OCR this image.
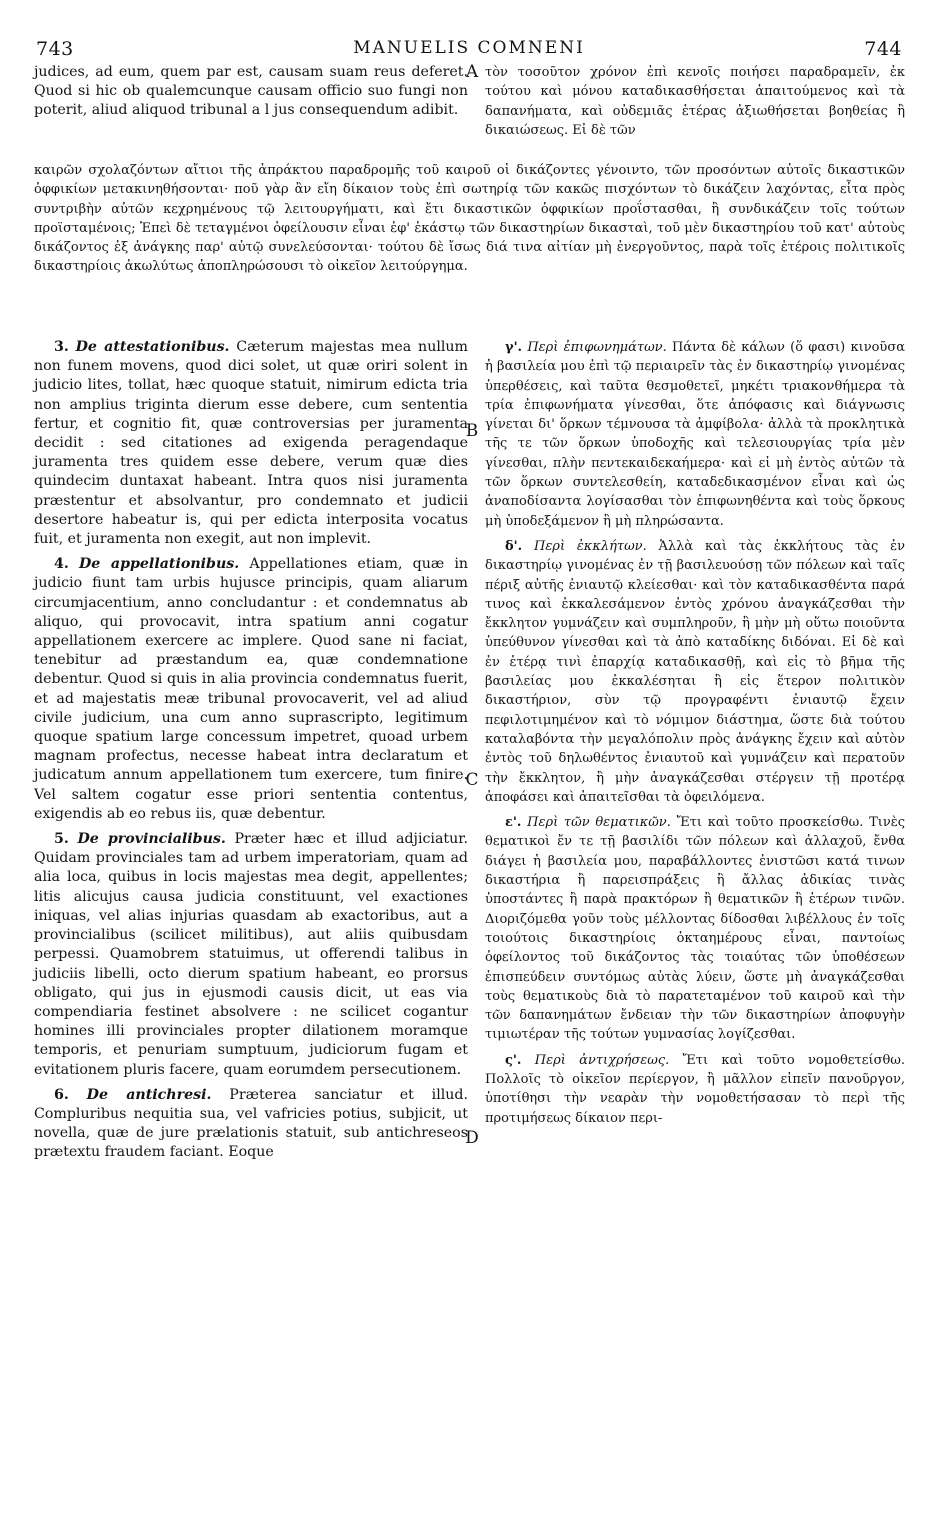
743	MANUELIS COMNENI	744
A
B
C
D

judices, ad eum, quem par est, causam suam reus deferet. Quod si hic ob qualemcunque causam officio suo fungi non poterit, aliud aliquod tribunal a l jus consequendum adibit.

τὸν τοσοῦτον χρόνον ἐπὶ κενοῖς ποιήσει παραδραμεῖν, ἐκ τούτου καὶ μόνου καταδικασθήσεται ἀπαιτούμενος καὶ τὰ δαπανήματα, καὶ οὐδεμιᾶς ἑτέρας ἀξιωθήσεται βοηθείας ἢ δικαιώσεως. Εἰ δὲ τῶν

καιρῶν σχολαζόντων αἴτιοι τῆς ἀπράκτου παραδρομῆς τοῦ καιροῦ οἱ δικάζοντες γένοιντο, τῶν προσόντων αὐτοῖς δικαστικῶν ὀφφικίων μετακινηθήσονται· ποῦ γὰρ ἂν εἴη δίκαιον τοὺς ἐπὶ σωτηρίᾳ τῶν κακῶς πισχόντων τὸ δικάζειν λαχόντας, εἶτα πρὸς συντριβὴν αὐτῶν κεχρημένους τῷ λειτουργήματι, καὶ ἔτι δικαστικῶν ὀφφικίων προΐστασθαι, ἢ συνδικάζειν τοῖς τούτων προϊσταμένοις; Ἐπεὶ δὲ τεταγμένοι ὀφείλουσιν εἶναι ἐφ' ἑκάστῳ τῶν δικαστηρίων δικασταὶ, τοῦ μὲν δικαστηρίου τοῦ κατ' αὐτοὺς δικάζοντος ἐξ ἀνάγκης παρ' αὐτῷ συνελεύσονται· τούτου δὲ ἴσως διά τινα αἰτίαν μὴ ἐνεργοῦντος, παρὰ τοῖς ἑτέροις πολιτικοῖς δικαστηρίοις ἀκωλύτως ἀποπληρώσουσι τὸ οἰκεῖον λειτούργημα.

3. De attestationibus. Cæterum majestas mea nullum non funem movens, quod dici solet, ut quæ oriri solent in judicio lites, tollat, hæc quoque statuit, nimirum edicta tria non amplius triginta dierum esse debere, cum sententia fertur, et cognitio fit, quæ controversias per juramenta decidit : sed citationes ad exigenda peragendaque juramenta tres quidem esse debere, verum quæ dies quindecim duntaxat habeant. Intra quos nisi juramenta præstentur et absolvantur, pro condemnato et judicii desertore habeatur is, qui per edicta interposita vocatus fuit, et juramenta non exegit, aut non implevit.

4. De appellationibus. Appellationes etiam, quæ in judicio fiunt tam urbis hujusce principis, quam aliarum circumjacentium, anno concludantur : et condemnatus ab aliquo, qui provocavit, intra spatium anni cogatur appellationem exercere ac implere. Quod sane ni faciat, tenebitur ad præstandum ea, quæ condemnatione debentur. Quod si quis in alia provincia condemnatus fuerit, et ad majestatis meæ tribunal provocaverit, vel ad aliud civile judicium, una cum anno suprascripto, legitimum quoque spatium large concessum impetret, quoad urbem magnam profectus, necesse habeat intra declaratum et judicatum annum appellationem tum exercere, tum finire. Vel saltem cogatur esse priori sententia contentus, exigendis ab eo rebus iis, quæ debentur.

5. De provincialibus. Præter hæc et illud adjiciatur. Quidam provinciales tam ad urbem imperatoriam, quam ad alia loca, quibus in locis majestas mea degit, appellentes; litis alicujus causa judicia constituunt, vel exactiones iniquas, vel alias injurias quasdam ab exactoribus, aut a provincialibus (scilicet militibus), aut aliis quibusdam perpessi. Quamobrem statuimus, ut offerendi talibus in judiciis libelli, octo dierum spatium habeant, eo prorsus obligato, qui jus in ejusmodi causis dicit, ut eas via compendiaria festinet absolvere : ne scilicet cogantur homines illi provinciales propter dilationem moramque temporis, et penuriam sumptuum, judiciorum fugam et evitationem pluris facere, quam eorumdem persecutionem.

6. De antichresi. Præterea sanciatur et illud. Compluribus nequitia sua, vel vafricies potius, subjicit, ut novella, quæ de jure prælationis statuit, sub antichreseos prætextu fraudem faciant. Eoque

γ'. Περὶ ἐπιφωνημάτων. Πάντα δὲ κάλων (ὅ φασι) κινοῦσα ἡ βασιλεία μου ἐπὶ τῷ περιαιρεῖν τὰς ἐν δικαστηρίῳ γινομένας ὑπερθέσεις, καὶ ταῦτα θεσμοθετεῖ, μηκέτι τριακονθήμερα τὰ τρία ἐπιφωνήματα γίνεσθαι, ὅτε ἀπόφασις καὶ διάγνωσις γίνεται δι' ὅρκων τέμνουσα τὰ ἀμφίβολα· ἀλλὰ τὰ προκλητικὰ τῆς τε τῶν ὅρκων ὑποδοχῆς καὶ τελεσιουργίας τρία μὲν γίνεσθαι, πλὴν πεντεκαιδεκαήμερα· καὶ εἰ μὴ ἐντὸς αὐτῶν τὰ τῶν ὅρκων συντελεσθείη, καταδεδικασμένον εἶναι καὶ ὡς ἀναποδίσαντα λογίσασθαι τὸν ἐπιφωνηθέντα καὶ τοὺς ὅρκους μὴ ὑποδεξάμενον ἢ μὴ πληρώσαντα.

δ'. Περὶ ἐκκλήτων. Ἀλλὰ καὶ τὰς ἐκκλήτους τὰς ἐν δικαστηρίῳ γινομένας ἐν τῇ βασιλευούσῃ τῶν πόλεων καὶ ταῖς πέριξ αὐτῆς ἐνιαυτῷ κλείεσθαι· καὶ τὸν καταδικασθέντα παρά τινος καὶ ἐκκαλεσάμενον ἐντὸς χρόνου ἀναγκάζεσθαι τὴν ἔκκλητον γυμνάζειν καὶ συμπληροῦν, ἢ μὴν μὴ οὕτω ποιοῦντα ὑπεύθυνον γίνεσθαι καὶ τὰ ἀπὸ καταδίκης διδόναι. Εἰ δὲ καὶ ἐν ἑτέρᾳ τινὶ ἐπαρχίᾳ καταδικασθῇ, καὶ εἰς τὸ βῆμα τῆς βασιλείας μου ἐκκαλέσηται ἢ εἰς ἕτερον πολιτικὸν δικαστήριον, σὺν τῷ προγραφέντι ἐνιαυτῷ ἔχειν πεφιλοτιμημένον καὶ τὸ νόμιμον διάστημα, ὥστε διὰ τούτου καταλαβόντα τὴν μεγαλόπολιν πρὸς ἀνάγκης ἔχειν καὶ αὐτὸν ἐντὸς τοῦ δηλωθέντος ἐνιαυτοῦ καὶ γυμνάζειν καὶ περατοῦν τὴν ἔκκλητον, ἢ μὴν ἀναγκάζεσθαι στέργειν τῇ προτέρᾳ ἀποφάσει καὶ ἀπαιτεῖσθαι τὰ ὀφειλόμενα.

ε'. Περὶ τῶν θεματικῶν. Ἔτι καὶ τοῦτο προσκείσθω. Τινὲς θεματικοὶ ἔν τε τῇ βασιλίδι τῶν πόλεων καὶ ἀλλαχοῦ, ἔνθα διάγει ἡ βασιλεία μου, παραβάλλοντες ἐνιστῶσι κατά τινων δικαστήρια ἢ παρεισπράξεις ἢ ἄλλας ἀδικίας τινὰς ὑποστάντες ἢ παρὰ πρακτόρων ἢ θεματικῶν ἢ ἑτέρων τινῶν. Διοριζόμεθα γοῦν τοὺς μέλλοντας δίδοσθαι λιβέλλους ἐν τοῖς τοιούτοις δικαστηρίοις ὀκταημέρους εἶναι, παντοίως ὀφείλοντος τοῦ δικάζοντος τὰς τοιαύτας τῶν ὑποθέσεων ἐπισπεύδειν συντόμως αὐτὰς λύειν, ὥστε μὴ ἀναγκάζεσθαι τοὺς θεματικοὺς διὰ τὸ παρατεταμένον τοῦ καιροῦ καὶ τὴν τῶν δαπανημάτων ἔνδειαν τὴν τῶν δικαστηρίων ἀποφυγὴν τιμιωτέραν τῆς τούτων γυμνασίας λογίζεσθαι.

ς'. Περὶ ἀντιχρήσεως. Ἔτι καὶ τοῦτο νομοθετείσθω. Πολλοῖς τὸ οἰκεῖον περίεργον, ἢ μᾶλλον εἰπεῖν πανοῦργον, ὑποτίθησι τὴν νεαρὰν τὴν νομοθετήσασαν τὸ περὶ τῆς προτιμήσεως δίκαιον περι-
